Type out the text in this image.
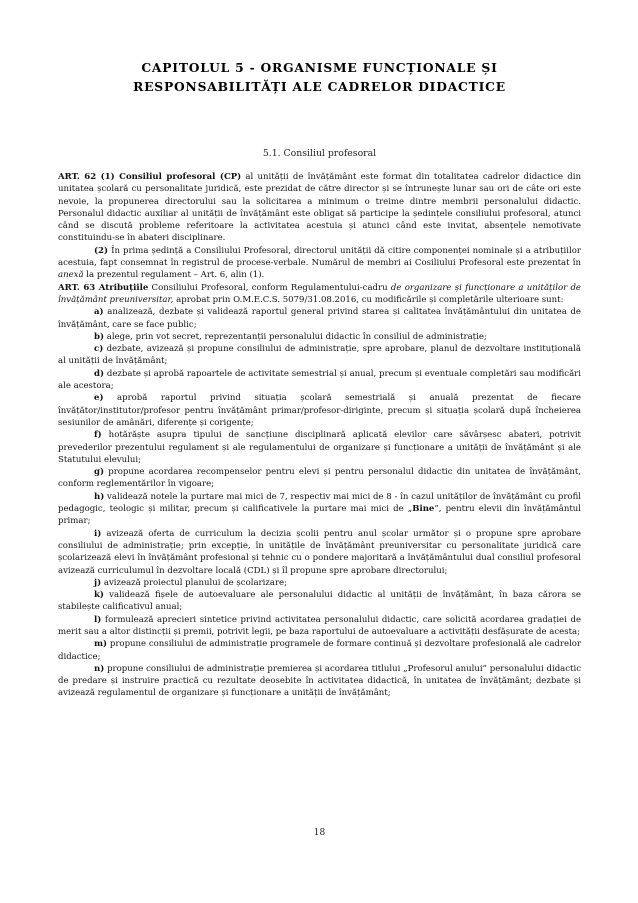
CAPITOLUL 5 - ORGANISME FUNCȚIONALE ȘI
RESPONSABILITĂȚI ALE CADRELOR DIDACTICE
5.1. Consiliul profesoral

ART. 62 (1) Consiliul profesoral (CP) al unității de învățământ este format din totalitatea cadrelor didactice din unitatea școlară cu personalitate juridică, este prezidat de către director și se întrunește lunar sau ori de câte ori este nevoie, la propunerea directorului sau la solicitarea a minimum o treime dintre membrii personalului didactic. Personalul didactic auxiliar al unității de învățământ este obligat să participe la ședințele consiliului profesoral, atunci când se discută probleme referitoare la activitatea acestuia și atunci când este invitat, absențele nemotivate constituindu-se în abateri disciplinare.

(2) În prima ședință a Consiliului Profesoral, directorul unității dă citire componenței nominale și a atribuțiilor acestuia, fapt consemnat în registrul de procese-verbale. Numărul de membri ai Cosiliului Profesoral este prezentat în anexă la prezentul regulament – Art. 6, alin (1).

ART. 63 Atribuțiile Consiliului Profesoral, conform Regulamentului-cadru de organizare și funcționare a unităților de învățământ preuniversitar, aprobat prin O.M.E.C.S. 5079/31.08.2016, cu modificările și completările ulterioare sunt:

a) analizează, dezbate și validează raportul general privind starea și calitatea învățământului din unitatea de învățământ, care se face public;

b) alege, prin vot secret, reprezentanții personalului didactic în consiliul de administrație;

c) dezbate, avizează și propune consiliului de administrație, spre aprobare, planul de dezvoltare instituțională al unității de învățământ;

d) dezbate și aprobă rapoartele de activitate semestrial și anual, precum și eventuale completări sau modificări ale acestora;

e) aprobă raportul privind situația școlară semestrială și anuală prezentat de fiecare învățător/institutor/profesor pentru învățământ primar/profesor-diriginte, precum și situația școlară după încheierea sesiunilor de amânări, diferențe și corigențe;

f) hotărăște asupra tipului de sancțiune disciplinară aplicată elevilor care săvârșesc abateri, potrivit prevederilor prezentului regulament și ale regulamentului de organizare și funcționare a unității de învățământ și ale Statutului elevului;

g) propune acordarea recompenselor pentru elevi și pentru personalul didactic din unitatea de învățământ, conform reglementărilor în vigoare;

h) validează notele la purtare mai mici de 7, respectiv mai mici de 8 - în cazul unităților de învățământ cu profil pedagogic, teologic și militar, precum și calificativele la purtare mai mici de „Bine”, pentru elevii din învățământul primar;

i) avizează oferta de curriculum la decizia școlii pentru anul școlar următor și o propune spre aprobare consiliului de administrație; prin excepție, în unitățile de învățământ preuniversitar cu personalitate juridică care școlarizează elevi în învățământ profesional și tehnic cu o pondere majoritară a învățământului dual consiliul profesoral avizează curriculumul în dezvoltare locală (CDL) și îl propune spre aprobare directorului;

j) avizează proiectul planului de școlarizare;

k) validează fișele de autoevaluare ale personalului didactic al unității de învățământ, în baza cărora se stabilește calificativul anual;

l) formulează aprecieri sintetice privind activitatea personalului didactic, care solicită acordarea gradației de merit sau a altor distincții și premii, potrivit legii, pe baza raportului de autoevaluare a activității desfășurate de acesta;

m) propune consiliului de administrație programele de formare continuă și dezvoltare profesională ale cadrelor didactice;

n) propune consiliului de administrație premierea și acordarea titlului „Profesorul anului” personalului didactic de predare și instruire practică cu rezultate deosebite în activitatea didactică, în unitatea de învățământ; dezbate și avizează regulamentul de organizare și funcționare a unității de învățământ;

18
